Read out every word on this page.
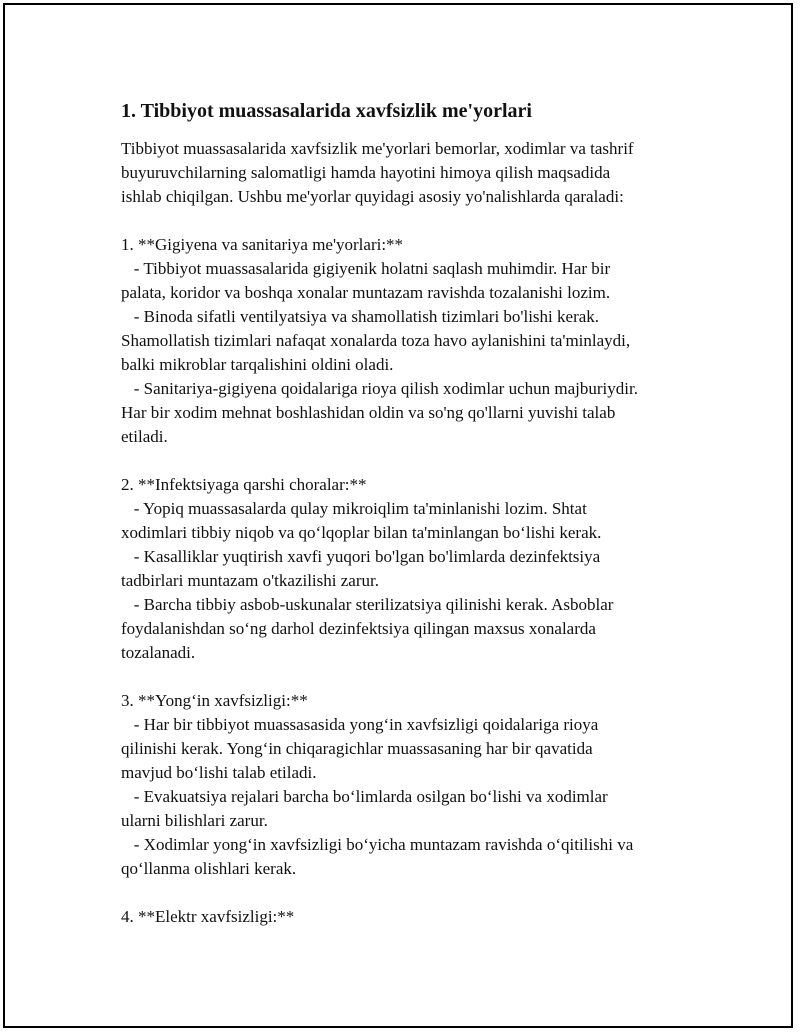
1. Tibbiyot muassasalarida xavfsizlik me'yorlari

Tibbiyot muassasalarida xavfsizlik me'yorlari bemorlar, xodimlar va tashrif
buyuruvchilarning salomatligi hamda hayotini himoya qilish maqsadida
ishlab chiqilgan. Ushbu me'yorlar quyidagi asosiy yo'nalishlarda qaraladi:

1. **Gigiyena va sanitariya me'yorlari:**
- Tibbiyot muassasalarida gigiyenik holatni saqlash muhimdir. Har bir
palata, koridor va boshqa xonalar muntazam ravishda tozalanishi lozim.
- Binoda sifatli ventilyatsiya va shamollatish tizimlari bo'lishi kerak.
Shamollatish tizimlari nafaqat xonalarda toza havo aylanishini ta'minlaydi,
balki mikroblar tarqalishini oldini oladi.
- Sanitariya-gigiyena qoidalariga rioya qilish xodimlar uchun majburiydir.
Har bir xodim mehnat boshlashidan oldin va so'ng qo'llarni yuvishi talab
etiladi.

2. **Infektsiyaga qarshi choralar:**
- Yopiq muassasalarda qulay mikroiqlim ta'minlanishi lozim. Shtat
xodimlari tibbiy niqob va qo‘lqoplar bilan ta'minlangan bo‘lishi kerak.
- Kasalliklar yuqtirish xavfi yuqori bo'lgan bo'limlarda dezinfektsiya
tadbirlari muntazam o'tkazilishi zarur.
- Barcha tibbiy asbob-uskunalar sterilizatsiya qilinishi kerak. Asboblar
foydalanishdan so‘ng darhol dezinfektsiya qilingan maxsus xonalarda
tozalanadi.

3. **Yong‘in xavfsizligi:**
- Har bir tibbiyot muassasasida yong‘in xavfsizligi qoidalariga rioya
qilinishi kerak. Yong‘in chiqaragichlar muassasaning har bir qavatida
mavjud bo‘lishi talab etiladi.
- Evakuatsiya rejalari barcha bo‘limlarda osilgan bo‘lishi va xodimlar
ularni bilishlari zarur.
- Xodimlar yong‘in xavfsizligi bo‘yicha muntazam ravishda o‘qitilishi va
qo‘llanma olishlari kerak.

4. **Elektr xavfsizligi:**
